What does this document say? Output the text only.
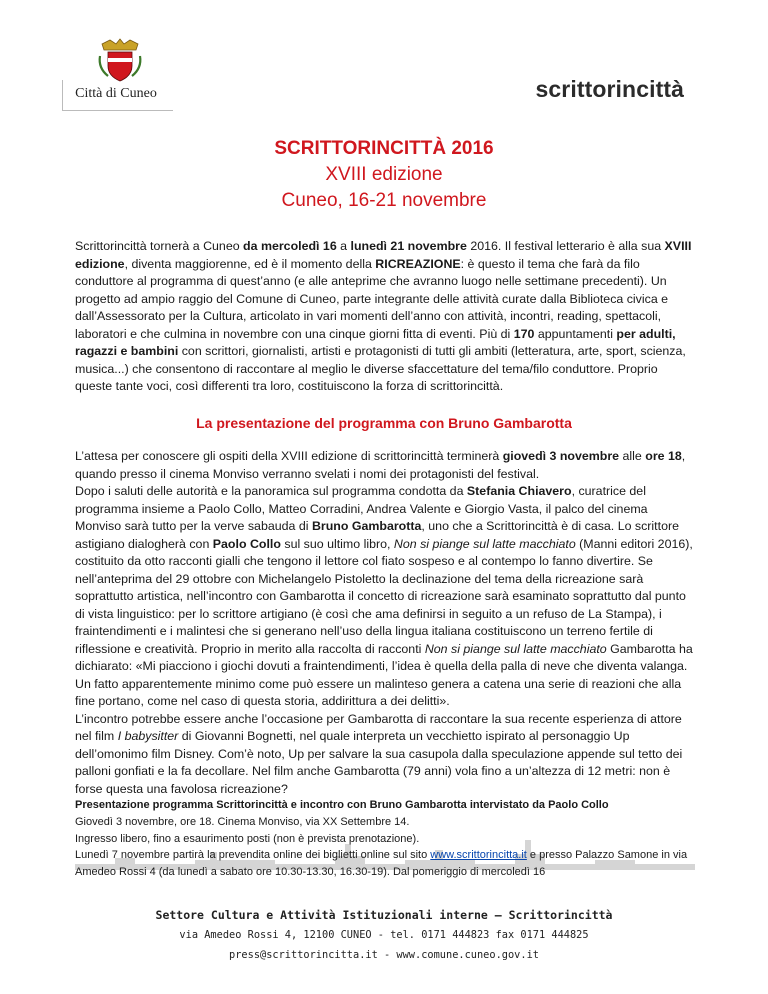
Città di Cuneo	scrittorincittà
SCRITTORINCITTÀ 2016
XVIII edizione
Cuneo, 16-21 novembre
Scrittorincittà tornerà a Cuneo da mercoledì 16 a lunedì 21 novembre 2016. Il festival letterario è alla sua XVIII edizione, diventa maggiorenne, ed è il momento della RICREAZIONE: è questo il tema che farà da filo conduttore al programma di quest’anno (e alle anteprime che avranno luogo nelle settimane precedenti). Un progetto ad ampio raggio del Comune di Cuneo, parte integrante delle attività curate dalla Biblioteca civica e dall’Assessorato per la Cultura, articolato in vari momenti dell’anno con attività, incontri, reading, spettacoli, laboratori e che culmina in novembre con una cinque giorni fitta di eventi. Più di 170 appuntamenti per adulti, ragazzi e bambini con scrittori, giornalisti, artisti e protagonisti di tutti gli ambiti (letteratura, arte, sport, scienza, musica...) che consentono di raccontare al meglio le diverse sfaccettature del tema/filo conduttore. Proprio queste tante voci, così differenti tra loro, costituiscono la forza di scrittorincittà.
La presentazione del programma con Bruno Gambarotta

L’attesa per conoscere gli ospiti della XVIII edizione di scrittorincittà terminerà giovedì 3 novembre alle ore 18, quando presso il cinema Monviso verranno svelati i nomi dei protagonisti del festival.

Dopo i saluti delle autorità e la panoramica sul programma condotta da Stefania Chiavero, curatrice del programma insieme a Paolo Collo, Matteo Corradini, Andrea Valente e Giorgio Vasta, il palco del cinema Monviso sarà tutto per la verve sabauda di Bruno Gambarotta, uno che a Scrittorincittà è di casa. Lo scrittore astigiano dialogherà con Paolo Collo sul suo ultimo libro, Non si piange sul latte macchiato (Manni editori 2016), costituito da otto racconti gialli che tengono il lettore col fiato sospeso e al contempo lo fanno divertire. Se nell’anteprima del 29 ottobre con Michelangelo Pistoletto la declinazione del tema della ricreazione sarà soprattutto artistica, nell’incontro con Gambarotta il concetto di ricreazione sarà esaminato soprattutto dal punto di vista linguistico: per lo scrittore artigiano (è così che ama definirsi in seguito a un refuso de La Stampa), i fraintendimenti e i malintesi che si generano nell’uso della lingua italiana costituiscono un terreno fertile di riflessione e creatività. Proprio in merito alla raccolta di racconti Non si piange sul latte macchiato Gambarotta ha dichiarato: «Mi piacciono i giochi dovuti a fraintendimenti, l’idea è quella della palla di neve che diventa valanga. Un fatto apparentemente minimo come può essere un malinteso genera a catena una serie di reazioni che alla fine portano, come nel caso di questa storia, addirittura a dei delitti».

L’incontro potrebbe essere anche l’occasione per Gambarotta di raccontare la sua recente esperienza di attore nel film I babysitter di Giovanni Bognetti, nel quale interpreta un vecchietto ispirato al personaggio Up dell’omonimo film Disney. Com’è noto, Up per salvare la sua casupola dalla speculazione appende sul tetto dei palloni gonfiati e la fa decollare. Nel film anche Gambarotta (79 anni) vola fino a un’altezza di 12 metri: non è forse questa una favolosa ricreazione?

Presentazione programma Scrittorincittà e incontro con Bruno Gambarotta intervistato da Paolo Collo

Giovedì 3 novembre, ore 18. Cinema Monviso, via XX Settembre 14.

Ingresso libero, fino a esaurimento posti (non è prevista prenotazione).

Lunedì 7 novembre partirà la prevendita online dei biglietti online sul sito www.scrittorincitta.it e presso Palazzo Samone in via Amedeo Rossi 4 (da lunedì a sabato ore 10.30-13.30, 16.30-19). Dal pomeriggio di mercoledì 16

Settore Cultura e Attività Istituzionali interne — Scrittorincittà
via Amedeo Rossi 4, 12100 CUNEO - tel. 0171 444823 fax 0171 444825
press@scrittorincitta.it - www.comune.cuneo.gov.it
